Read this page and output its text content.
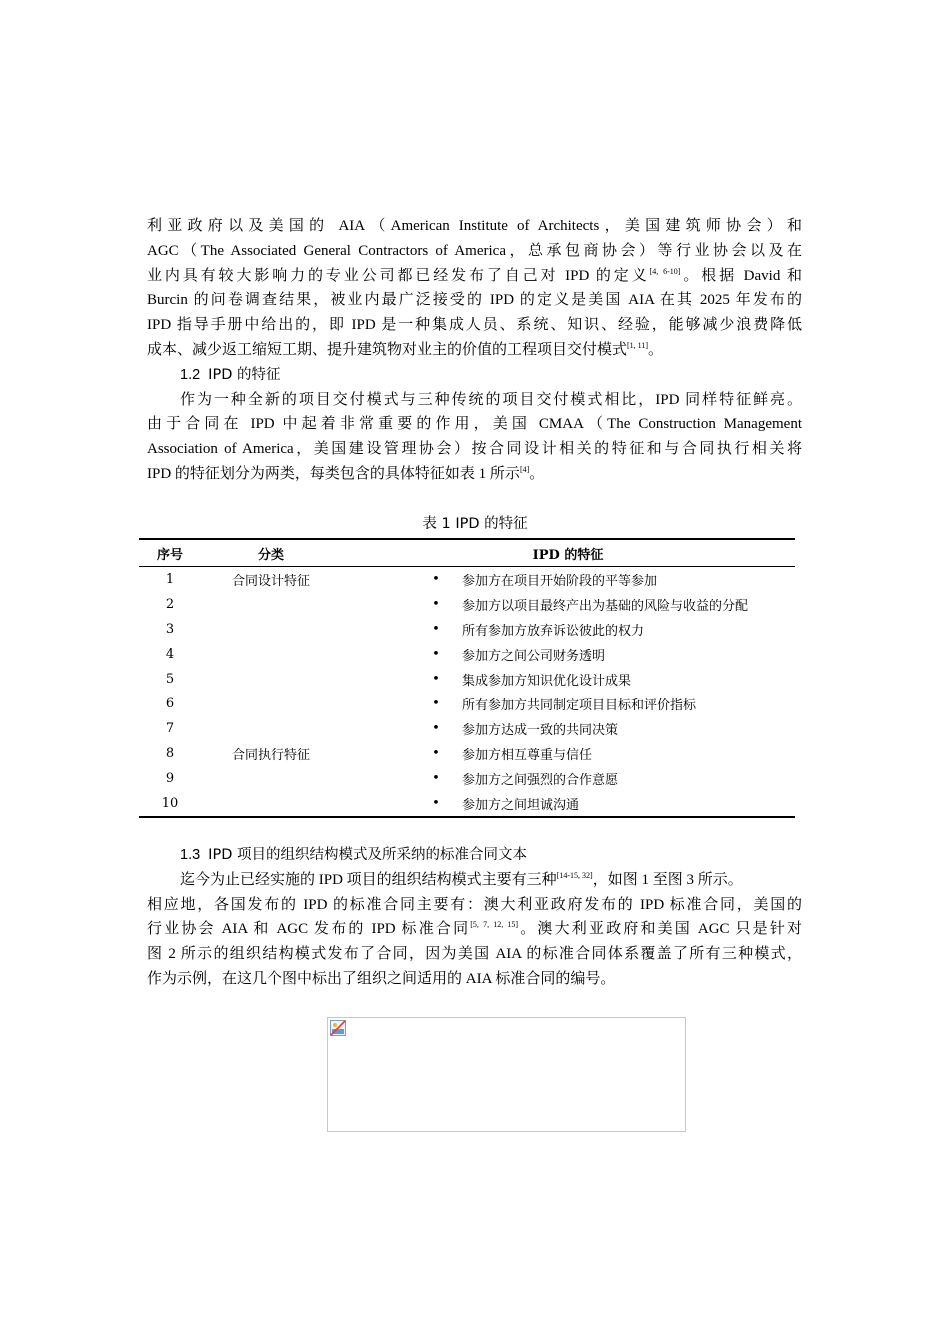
利亚政府以及美国的 AIA（American Institute of Architects，美国建筑师协会）和

AGC（The Associated General Contractors of America，总承包商协会）等行业协会以及在

业内具有较大影响力的专业公司都已经发布了自己对 IPD 的定义[4, 6-10]。根据 David 和

Burcin 的问卷调查结果，被业内最广泛接受的 IPD 的定义是美国 AIA 在其 2025 年发布的

IPD 指导手册中给出的，即 IPD 是一种集成人员、系统、知识、经验，能够减少浪费降低

成本、减少返工缩短工期、提升建筑物对业主的价值的工程项目交付模式[1, 11]。

1.2 IPD 的特征

作为一种全新的项目交付模式与三种传统的项目交付模式相比，IPD 同样特征鲜亮。

由于合同在 IPD 中起着非常重要的作用，美国 CMAA（The Construction Management

Association of America，美国建设管理协会）按合同设计相关的特征和与合同执行相关将

IPD 的特征划分为两类，每类包含的具体特征如表 1 所示[4]。

表 1 IPD 的特征
序号	分类	IPD 的特征	
1	合同设计特征	•	参加方在项目开始阶段的平等参加
2		•	参加方以项目最终产出为基础的风险与收益的分配
3		•	所有参加方放弃诉讼彼此的权力
4		•	参加方之间公司财务透明
5		•	集成参加方知识优化设计成果
6		•	所有参加方共同制定项目目标和评价指标
7		•	参加方达成一致的共同决策
8	合同执行特征	•	参加方相互尊重与信任
9		•	参加方之间强烈的合作意愿
10		•	参加方之间坦诚沟通

1.3 IPD 项目的组织结构模式及所采纳的标准合同文本

迄今为止已经实施的 IPD 项目的组织结构模式主要有三种[14-15, 32]，如图 1 至图 3 所示。

相应地，各国发布的 IPD 的标准合同主要有：澳大利亚政府发布的 IPD 标准合同，美国的

行业协会 AIA 和 AGC 发布的 IPD 标准合同[5, 7, 12, 15]。澳大利亚政府和美国 AGC 只是针对

图 2 所示的组织结构模式发布了合同，因为美国 AIA 的标准合同体系覆盖了所有三种模式，

作为示例，在这几个图中标出了组织之间适用的 AIA 标准合同的编号。
